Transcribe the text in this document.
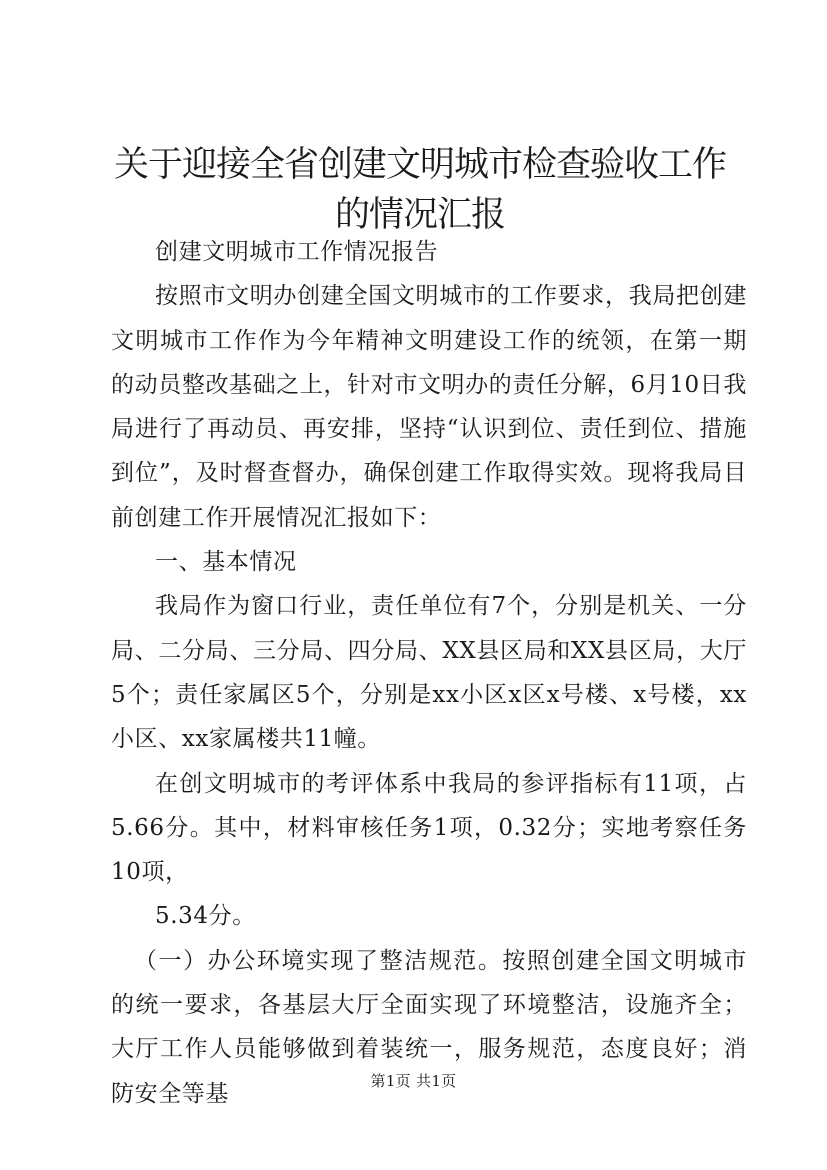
关于迎接全省创建文明城市检查验收工作的情况汇报

创建文明城市工作情况报告

按照市文明办创建全国文明城市的工作要求，我局把创建文明城市工作作为今年精神文明建设工作的统领，在第一期的动员整改基础之上，针对市文明办的责任分解，6月10日我局进行了再动员、再安排，坚持“认识到位、责任到位、措施到位”，及时督查督办，确保创建工作取得实效。现将我局目前创建工作开展情况汇报如下：

一、基本情况

我局作为窗口行业，责任单位有7个，分别是机关、一分局、二分局、三分局、四分局、XX县区局和XX县区局，大厅5个；责任家属区5个，分别是xx小区x区x号楼、x号楼，xx小区、xx家属楼共11幢。

在创文明城市的考评体系中我局的参评指标有11项，占5.66分。其中，材料审核任务1项，0.32分；实地考察任务10项，

5.34分。

（一）办公环境实现了整洁规范。按照创建全国文明城市的统一要求，各基层大厅全面实现了环境整洁，设施齐全；大厅工作人员能够做到着装统一，服务规范，态度良好；消防安全等基	第1页 共1页
